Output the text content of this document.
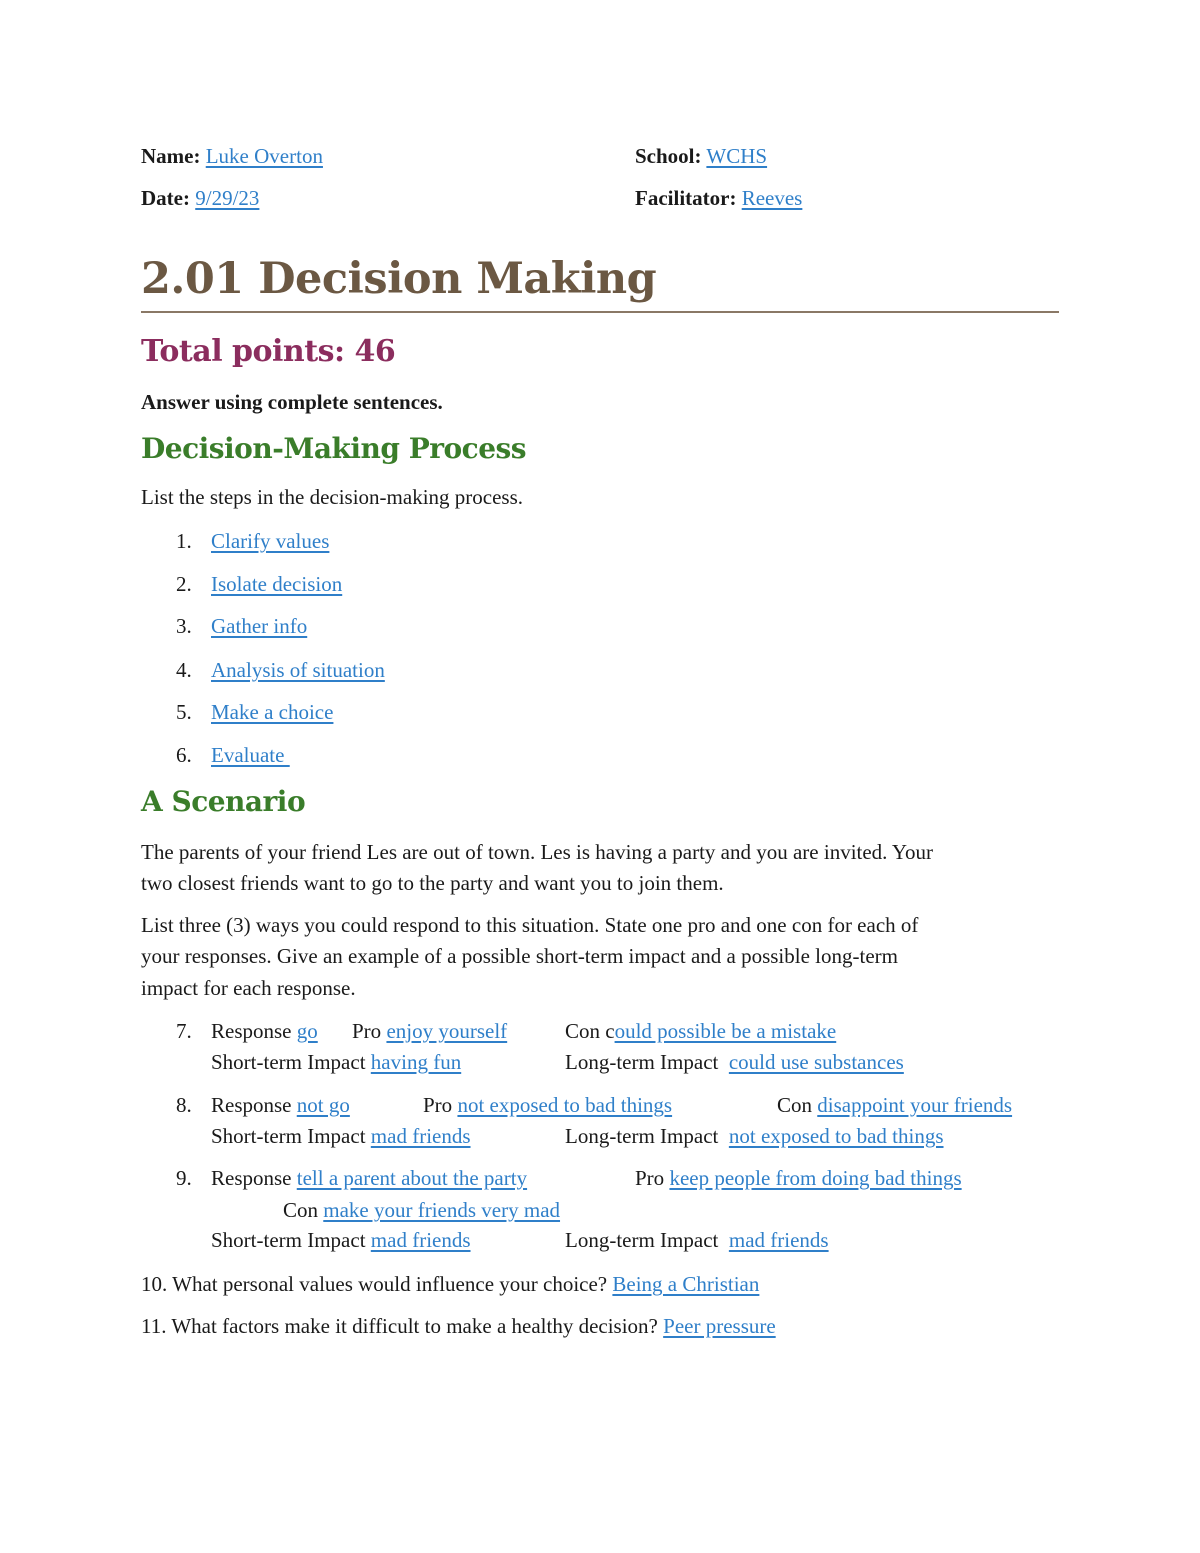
Name: Luke Overton	School: WCHS
Date: 9/29/23	Facilitator: Reeves
2.01 Decision Making
Total points: 46
Answer using complete sentences.
Decision-Making Process
List the steps in the decision-making process.
1. Clarify values
2. Isolate decision
3. Gather info
4. Analysis of situation
5. Make a choice
6. Evaluate
A Scenario
The parents of your friend Les are out of town. Les is having a party and you are invited. Your
two closest friends want to go to the party and want you to join them.
List three (3) ways you could respond to this situation. State one pro and one con for each of
your responses. Give an example of a possible short-term impact and a possible long-term
impact for each response.
7. Response go Pro enjoy yourself	Con could possible be a mistake
Short-term Impact having fun	Long-term Impact could use substances
8. Response not go	Pro not exposed to bad things	Con disappoint your friends
Short-term Impact mad friends	Long-term Impact not exposed to bad things
9. Response tell a parent about the party	Pro keep people from doing bad things
Con make your friends very mad
Short-term Impact mad friends	Long-term Impact mad friends
10. What personal values would influence your choice? Being a Christian
11. What factors make it difficult to make a healthy decision? Peer pressure
